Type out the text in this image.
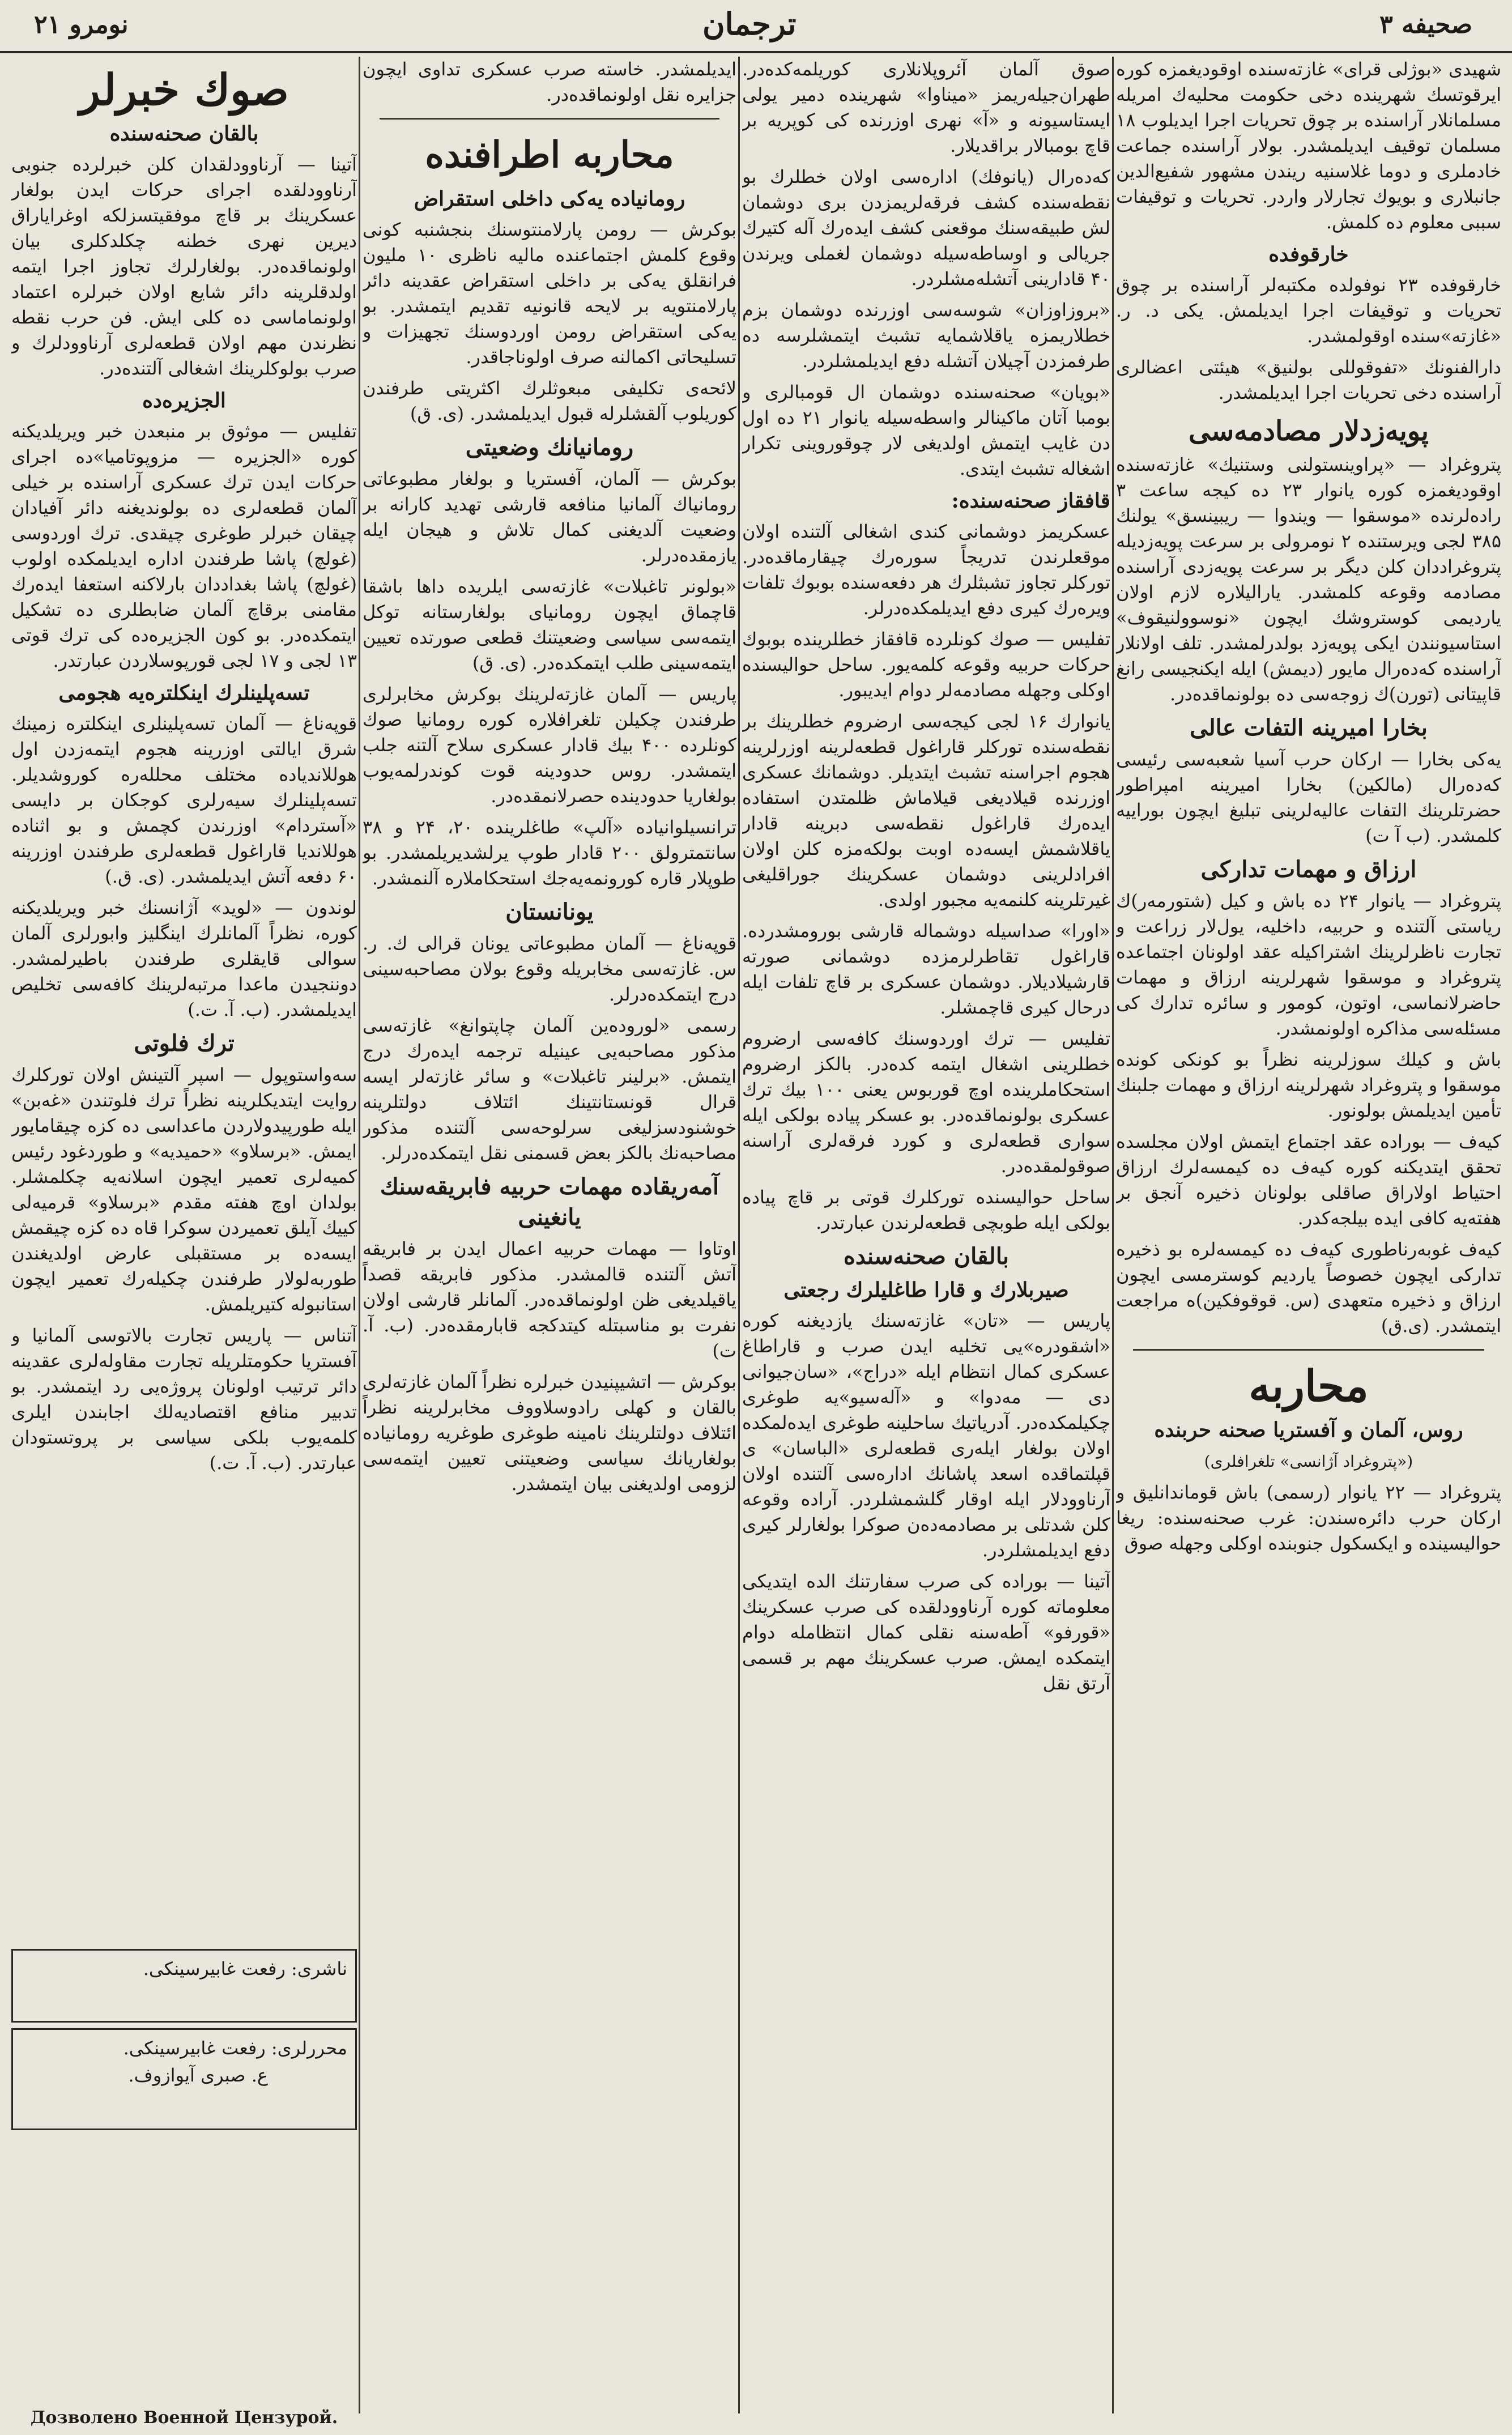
نومرو ۲۱	ترجمان	صحیفه ۳

شهیدی «بوژلی قرای» غازته‌سنده اوقودیغمزه كوره ایرقوتسك شهرینده دخی حكومت محلیه‌ك امریله مسلمانلار آراسنده بر چوق تحریات اجرا ایدیلوب ۱۸ مسلمان توقیف ایدیلمشدر. بولار آراسنده جماعت خادملری و دوما غلاسنیه ریندن مشهور شفیع‌الدین جانبلاری و بویوك تجارلار واردر. تحریات و توقیفات سببی معلوم ده كلمش.

خارقوفده

خارقوفده ۲۳ نوفولده مكتبه‌لر آراسنده بر چوق تحریات و توقیفات اجرا ایدیلمش. یكی د. ر. «غازته»سنده اوقولمشدر.

دارالفنونك «تفوقوللی بولنیق» هیئتی اعضالری آراسنده دخی تحریات اجرا ایدیلمشدر.

پویه‌زدلار مصادمه‌سی

پتروغراد — «پراوینستولنی وستنیك» غازته‌سنده اوقودیغمزه كوره یانوار ۲۳ ده كیجه ساعت ۳ راده‌لرنده «موسقوا — ویندوا — ریبینسق» یولنك ۳۸۵ لجی ویرستنده ۲ نومرولی بر سرعت پویه‌زدیله پتروغراددان كلن دیگر بر سرعت پویه‌زدی آراسنده مصادمه وقوعه كلمشدر. یارالیلاره لازم اولان یاردیمی كوستروشك ایچون «نوسوو‌لنیقوف» استاسیونندن ایكی پویه‌زد بولدرلمشدر. تلف اولانلار آراسنده كه‌ده‌رال مایور (دیمش) ایله ایكنجیسی رانغ قاپیتانی (تورن)ك زوجه‌سی ده بولونماقده‌در.

بخارا امیرینه التفات عالی

یه‌كی بخارا — ارکان حرب آسیا شعبه‌سی رئیسی كه‌ده‌رال (مالكین) بخارا امیرینه امپراطور حضرتلرینك التفات عالیه‌لرینی تبلیغ ایچون بوراییه كلمشدر. (ب آ ت)

ارزاق و مهمات تداركی

پتروغراد — یانوار ۲۴ ده باش و كیل (شتورمه‌ر)ك ریاستی آلتنده و حربیه، داخلیه، یول‌لار زراعت و تجارت ناظرلرینك اشتراكیله عقد اولونان اجتماعده پتروغراد و موسقوا شهرلرینه ارزاق و مهمات حاضرلانماسی، اوتون، كومور و سائره تدارك كی مسئله‌سی مذاكره اولونمشدر.

باش و كیلك سوزلرینه نظراً بو كونكی كونده موسقوا و پتروغراد شهرلرینه ارزاق و مهمات جلبنك تأمین ایدیلمش بولونور.

كیه‌ف — بوراده عقد اجتماع ایتمش اولان مجلسده تحقق ایتدیكنه كوره كیه‌ف ده كیمسه‌لرك ارزاق احتیاط اولاراق صاقلی بولونان ذخیره آنجق بر هفته‌یه كافی ایده بیلجه‌كدر.

كیه‌ف غوبه‌رناطوری كیه‌ف ده كیمسه‌لره بو ذخیره تداركی ایچون خصوصاً یاردیم كوسترمسی ایچون ارزاق و ذخیره متعهدی (س. قوقوفكین)ه مراجعت ایتمشدر. (ی.ق)

محاربه
روس، آلمان و آفستریا صحنه حربنده
(«پتروغراد آژانسی» تلغرافلری)

پتروغراد — ۲۲ یانوار (رسمی) باش قوماندانلیق و ارکان حرب دائره‌سندن: غرب صحنه‌سنده: ریغا حوالیسینده و ایكسكول جنوبنده اوكلی وجهله صوق

صوق آلمان آئروپلانلاری كوریلمه‌كده‌در. طهران‌جیله‌ریمز «میناوا» شهرینده دمیر یولی ایستاسیونه و «آ» نهری اوزرنده كی كوپریه بر قاچ بومبالار براقدیلار.

كه‌ده‌رال (یانوفك) اداره‌سی اولان خطلرك بو نقطه‌سنده كشف فرقه‌لریمزدن بری دوشمان لش طبیقه‌سنك موقعنی كشف ایده‌رك آله كتیرك جریالی و اوساطه‌سیله دوشمان لغملی ویرندن ۴۰ قادارینی آتشله‌مشلردر.

«بروزاوزان» شوسه‌سی اوزرنده دوشمان بزم خطلاریمزه یاقلاشمایه تشبث ایتمشلرسه ده طرفمزدن آچیلان آتشله دفع ایدیلمشلردر.

«بویان» صحنه‌سنده دوشمان ال قومبالری و بومبا آتان ماكینالر واسطه‌سیله یانوار ۲۱ ده اول دن غایب ایتمش اولدیغی لار چوقوروینی تكرار اشغاله تشبث ایتدی.

قافقاز صحنه‌سنده:

عسكریمز دوشمانی كندی اشغالی آلتنده اولان موقعلرندن تدریجاً سوره‌رك چیقارماقده‌در. توركلر تجاوز تشبثلرك هر دفعه‌سنده بوبوك تلفات ویره‌رك كیری دفع ایدیلمكده‌درلر.

تفلیس — صوك كونلرده قافقاز خطلرینده بوبوك حركات حربیه وقوعه كلمه‌یور. ساحل حوالیسنده اوكلی وجهله مصادمه‌لر دوام ایدیبور.

یانوارك ۱۶ لجی كیجه‌سی ارضروم خطلرینك بر نقطه‌سنده توركلر قاراغول قطعه‌لرینه اوزرلرینه هجوم اجراسنه تشبث ایتدیلر. دوشمانك عسكری اوزرنده قیلادیغی قیلاماش ظلمتدن استفاده ایده‌رك قاراغول نقطه‌سی دبرینه قادار یاقلاشمش ایسه‌ده اوبت بولكه‌مزه كلن اولان افرادلرینی دوشمان عسكرینك جوراقلیغی غیرتلرینه كلنمه‌یه مجبور اولدی.

«اورا» صداسیله دوشماله قارشی بورومشدرده. قاراغول تقاطرلرمزده دوشمانی صورته قارشیلادیلار. دوشمان عسكری بر قاچ تلفات ایله درحال كیری قاچمشلر.

تفلیس — ترك اوردوسنك كافه‌سی ارضروم خطلرینی اشغال ایتمه كده‌در. بالكز ارضروم استحكاملرینده اوچ قوربوس یعنی ۱۰۰ بیك ترك عسكری بولونماقده‌در. بو عسكر پیاده بولكی ایله سواری قطعه‌لری و كورد فرقه‌لری آراسنه صوقولمقده‌در.

ساحل حوالیسنده توركلرك قوتی بر قاچ پیاده بولكی ایله طوبچی قطعه‌لرندن عبارتدر.

بالقان صحنه‌سنده
صیربلارك و قارا طاغلیلرك رجعتی

پاریس — «تان» غازته‌سنك یازدیغنه كوره «اشقودره»یی تخلیه ایدن صرب و قاراطاغ عسكری كمال انتظام ایله «دراج»، «سان‌جیوانی دی — مه‌دوا» و «آله‌سیو»یه طوغری چكیلمكده‌در. آدریاتیك ساحلینه طوغری ایده‌لمكده اولان بولغار ایله‌ری قطعه‌لری «الباسان» ی قپلتماقده اسعد پاشانك اداره‌سی آلتنده اولان آرناوودلار ایله اوقار گلشمشلردر. آراده وقوعه كلن شدتلی بر مصادمه‌ده‌ن صوكرا بولغارلر كیری دفع ایدیلمشلردر.

آتینا — بوراده كی صرب سفارتنك الده ایتدیكی معلوماته كوره آرناوودلقده كی صرب عسكرینك «قورفو» آطه‌سنه نقلی كمال انتظامله دوام ایتمكده ایمش. صرب عسكرینك مهم بر قسمی آرتق نقل

ایدیلمشدر. خاسته صرب عسكری تداوی ایچون جزایره نقل اولونماقده‌در.

محاربه اطرافنده
رومانیاده یه‌كی داخلی استقراض

بوكرش — رومن پارلامنتوسنك بنجشنبه كونی وقوع كلمش اجتماعنده مالیه ناظری ۱۰ ملیون فرانقلق یه‌كی بر داخلی استقراض عقدینه دائر پارلامنتویه بر لایحه قانونیه تقدیم ایتمشدر. بو یه‌كی استقراض رومن اوردوسنك تجهیزات و تسلیحاتی اكمالنه صرف اولوناجاقدر.

لائحه‌ی تكلیفی مبعوثلرك اكثریتی طرفندن كوریلوب آلقشلرله قبول ایدیلمشدر. (ی. ق)

رومانیانك وضعیتی

بوكرش — آلمان، آفستریا و بولغار مطبوعاتی رومانیاك آلمانیا منافعه قارشی تهدید كارانه بر وضعیت آلدیغنی كمال تلاش و هیجان ایله یازمقده‌درلر.

«بولونر تاغبلات» غازته‌سی ایلریده داها باشقا قاچماق ایچون رومانیای بولغارستانه توكل ایتمه‌سی سیاسی وضعیتنك قطعی صورتده تعیین ایتمه‌سینی طلب ایتمكده‌در. (ی. ق)

پاریس — آلمان غازته‌لرینك بوكرش مخابرلری طرفندن چكیلن تلغرافلاره كوره رومانیا صوك كونلرده ۴۰۰ بیك قادار عسكری سلاح آلتنه جلب ایتمشدر. روس حدودینه قوت كوندرلمه‌یوب بولغاریا حدودینده حصرلانمقده‌در.

ترانسیلوانیاده «آلپ» طاغلرینده ۲۰، ۲۴ و ۳۸ سانتمترولق ۲۰۰ قادار طوپ یرلشدیریلمشدر. بو طوپلار قاره كورونمه‌یه‌جك استحكاملاره آلنمشدر.

یونانستان

قوپه‌ناغ — آلمان مطبوعاتی یونان قرالی ك. ر. س. غازته‌سی مخابریله وقوع بولان مصاحبه‌سینی درج ایتمكده‌درلر.

رسمی «لوروده‌ین آلمان چاپتوانغ» غازته‌سی مذكور مصاحبه‌یی عینیله ترجمه ایده‌رك درج ایتمش. «برلینر تاغبلات» و سائر غازته‌لر ایسه قرال قونستانتینك ائتلاف دولتلرینه خوشنودسزلیغی سرلوحه‌سی آلتنده مذكور مصاحبه‌نك بالكز بعض قسمنی نقل ایتمكده‌درلر.

آمه‌ریقاده مهمات حربیه فابریقه‌سنك یانغینی

اوتاوا — مهمات حربیه اعمال ایدن بر فابریقه آتش آلتنده قالمشدر. مذكور فابریقه قصداً یاقیلدیغی ظن اولونماقده‌در. آلمانلر قارشی اولان نفرت بو مناسبتله كیتدكجه قابارمقده‌در. (ب. آ. ت)

بوكرش — اتشیپنیدن خبرلره نظراً آلمان غازته‌لری بالقان و كهلی رادوسلاووف مخابرلرینه نظراً ائتلاف دولتلرینك نامینه طوغری طوغریه رومانیاده بولغاریانك سیاسی وضعیتنی تعیین ایتمه‌سی لزومی اولدیغنی بیان ایتمشدر.

صوك خبرلر
بالقان صحنه‌سنده

آتینا — آرناوودلقدان كلن خبرلرده جنوبی آرناوودلقده اجرای حركات ایدن بولغار عسكرینك بر قاچ موفقیتسزلكه اوغرایاراق دیرین نهری خطنه چكلدكلری بیان اولونماقده‌در. بولغارلرك تجاوز اجرا ایتمه اولدقلرینه دائر شایع اولان خبرلره اعتماد اولونماماسی ده كلی ایش. فن حرب نقطه نظرندن مهم اولان قطعه‌لری آرناوودلرك و صرب بولوكلرینك اشغالی آلتنده‌در.

الجزیره‌ده

تفلیس — موثوق بر منبعدن خبر ویریلدیكنه كوره «الجزیره — مزوپوتامیا»ده اجرای حركات ایدن ترك عسكری آراسنده بر خیلی آلمان قطعه‌لری ده بولوندیغنه دائر آفیادان چیقان خبرلر طوغری چیقدی. ترك اوردوسی (غولچ) پاشا طرفندن اداره ایدیلمكده اولوب (غولچ) پاشا بغداددان بارلاكنه استعفا ایده‌رك مقامنی برقاچ آلمان ضابطلری ده تشكیل ایتمكده‌در. بو كون الجزیره‌ده كی ترك قوتی ۱۳ لجی و ۱۷ لجی قورپوسلاردن عبارتدر.

تسه‌پلینلرك اینكلتره‌یه هجومی

قوپه‌ناغ — آلمان تسه‌پلینلری اینكلتره زمینك شرق ایالتی اوزرینه هجوم ایتمه‌زدن اول هوللاندیاده مختلف محلله‌ره كوروشدیلر. تسه‌پلینلرك سیه‌رلری كوجكان بر دایسی «آستردام» اوزرندن كچمش و بو اثناده هوللاندیا قاراغول قطعه‌لری طرفندن اوزرینه ۶۰ دفعه آتش ایدیلمشدر. (ی. ق.)

لوندون — «لوید» آژانسنك خبر ویریلدیكنه كوره، نظراً آلمانلرك اینگلیز وابورلری آلمان سوالی قایقلری طرفندن باطیرلمشدر. دوننجیدن ماعدا مرتبه‌لرینك كافه‌سی تخلیص ایدیلمشدر. (ب. آ. ت.)

ترك فلوتی

سه‌واستوپول — اسپر آلتینش اولان توركلرك روایت ایتدیكلرینه نظراً ترك فلوتندن «غه‌بن» ایله طورپیدولاردن ماعداسی ده كزه چیقامایور ایمش. «برسلاو» «حمیدیه» و طوردغود رئیس كمیه‌لری تعمیر ایچون اسلانه‌یه چكلمشلر. بولدان اوچ هفته مقدم «برسلاو» قرمیه‌لی كییك آیلق تعمیردن سوكرا قاه ده كزه چیقمش ایسه‌ده بر مستقبلی عارض اولدیغندن طوربه‌لولار طرفندن چكیله‌رك تعمیر ایچون استانبوله كتیریلمش.

آتناس — پاریس تجارت بالاتوسی آلمانیا و آفستریا حكومتلریله تجارت مقاوله‌لری عقدینه دائر ترتیب اولونان پروژه‌یی رد ایتمشدر. بو تدبیر منافع اقتصادیه‌لك اجابندن ایلری كلمه‌یوب بلكی سیاسی بر پروتستودان عبارتدر. (ب. آ. ت.)

ناشری: رفعت غابیرسینكی.
محرر‌لری: رفعت غابیرسینكی.
ع. صبری آیوازوف.
Дозволено Военной Цензурой.
